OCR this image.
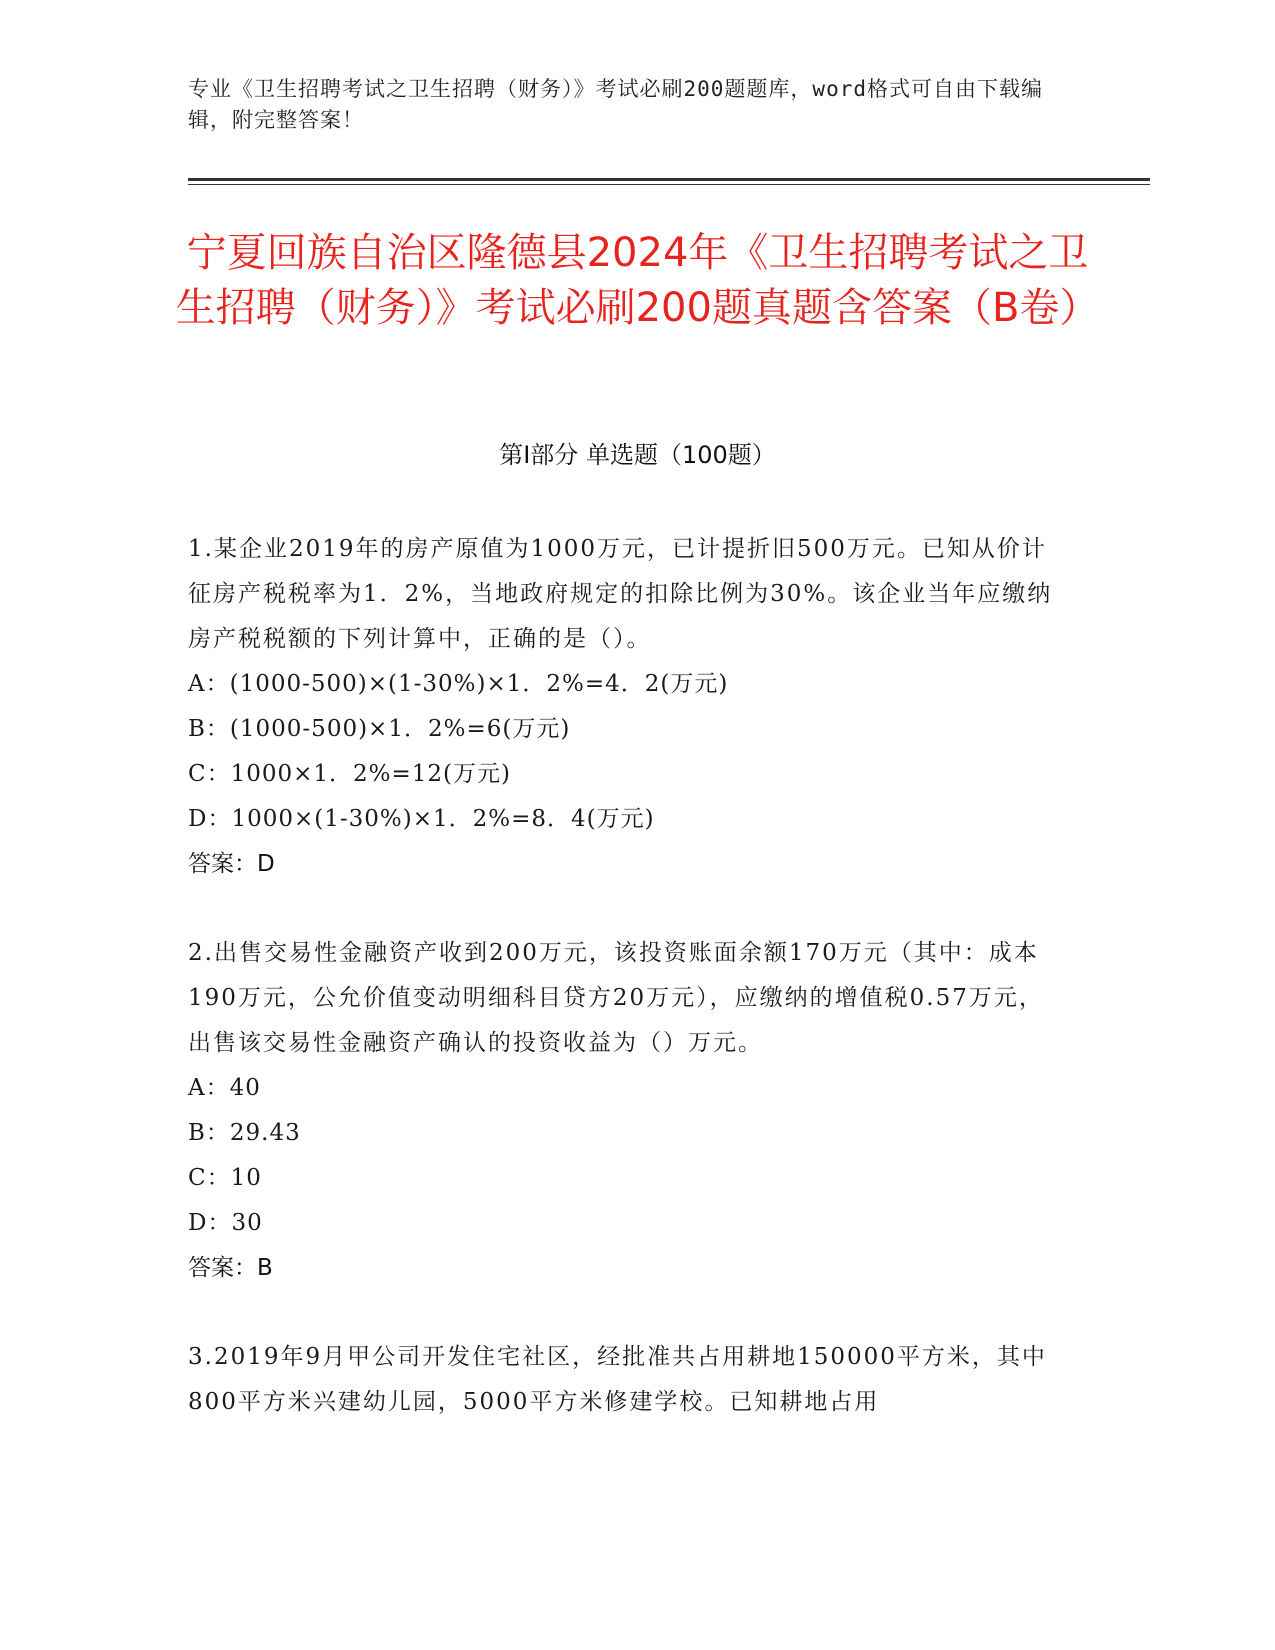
专业《卫生招聘考试之卫生招聘（财务）》考试必刷200题题库，word格式可自由下载编辑，附完整答案！
宁夏回族自治区隆德县2024年《卫生招聘考试之卫生招聘（财务）》考试必刷200题真题含答案（B卷）
第Ⅰ部分 单选题（100题）
1.某企业2019年的房产原值为1000万元，已计提折旧500万元。已知从价计征房产税税率为1．2%，当地政府规定的扣除比例为30%。该企业当年应缴纳房产税税额的下列计算中，正确的是（）。
A：(1000-500)×(1-30%)×1．2%=4．2(万元)
B：(1000-500)×1．2%=6(万元)
C：1000×1．2%=12(万元)
D：1000×(1-30%)×1．2%=8．4(万元)
答案：D
2.出售交易性金融资产收到200万元，该投资账面余额170万元（其中：成本190万元，公允价值变动明细科目贷方20万元），应缴纳的增值税0.57万元，出售该交易性金融资产确认的投资收益为（）万元。
A：40
B：29.43
C：10
D：30
答案：B
3.2019年9月甲公司开发住宅社区，经批准共占用耕地150000平方米，其中800平方米兴建幼儿园，5000平方米修建学校。已知耕地占用
